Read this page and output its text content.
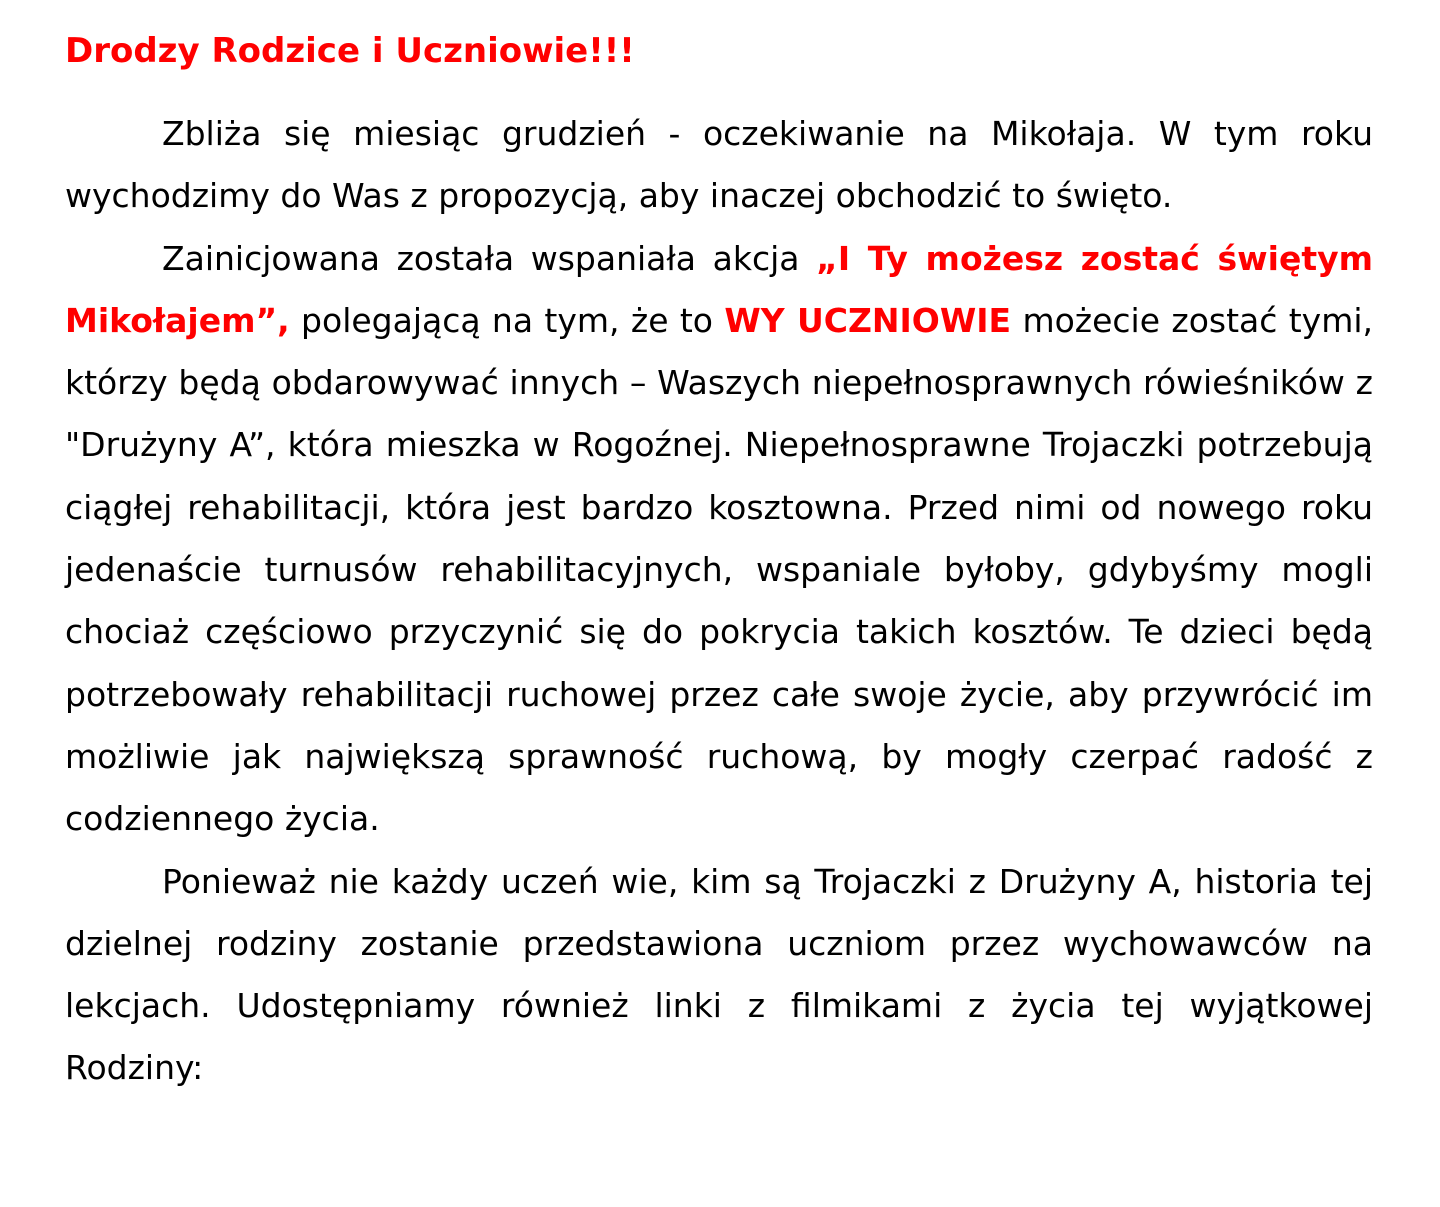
Drodzy Rodzice i Uczniowie!!!

Zbliża się miesiąc grudzień - oczekiwanie na Mikołaja. W tym roku wychodzimy do Was z propozycją, aby inaczej obchodzić to święto.

Zainicjowana została wspaniała akcja „I Ty możesz zostać świętym Mikołajem”, polegającą na tym, że to WY UCZNIOWIE możecie zostać tymi, którzy będą obdarowywać innych – Waszych niepełnosprawnych rówieśników z "Drużyny A”, która mieszka w Rogoźnej. Niepełnosprawne Trojaczki potrzebują ciągłej rehabilitacji, która jest bardzo kosztowna. Przed nimi od nowego roku jedenaście turnusów rehabilitacyjnych, wspaniale byłoby, gdybyśmy mogli chociaż częściowo przyczynić się do pokrycia takich kosztów. Te dzieci będą potrzebowały rehabilitacji ruchowej przez całe swoje życie, aby przywrócić im możliwie jak największą sprawność ruchową, by mogły czerpać radość z codziennego życia.

Ponieważ nie każdy uczeń wie, kim są Trojaczki z Drużyny A, historia tej dzielnej rodziny zostanie przedstawiona uczniom przez wychowawców na lekcjach. Udostępniamy również linki z filmikami z życia tej wyjątkowej Rodziny:
